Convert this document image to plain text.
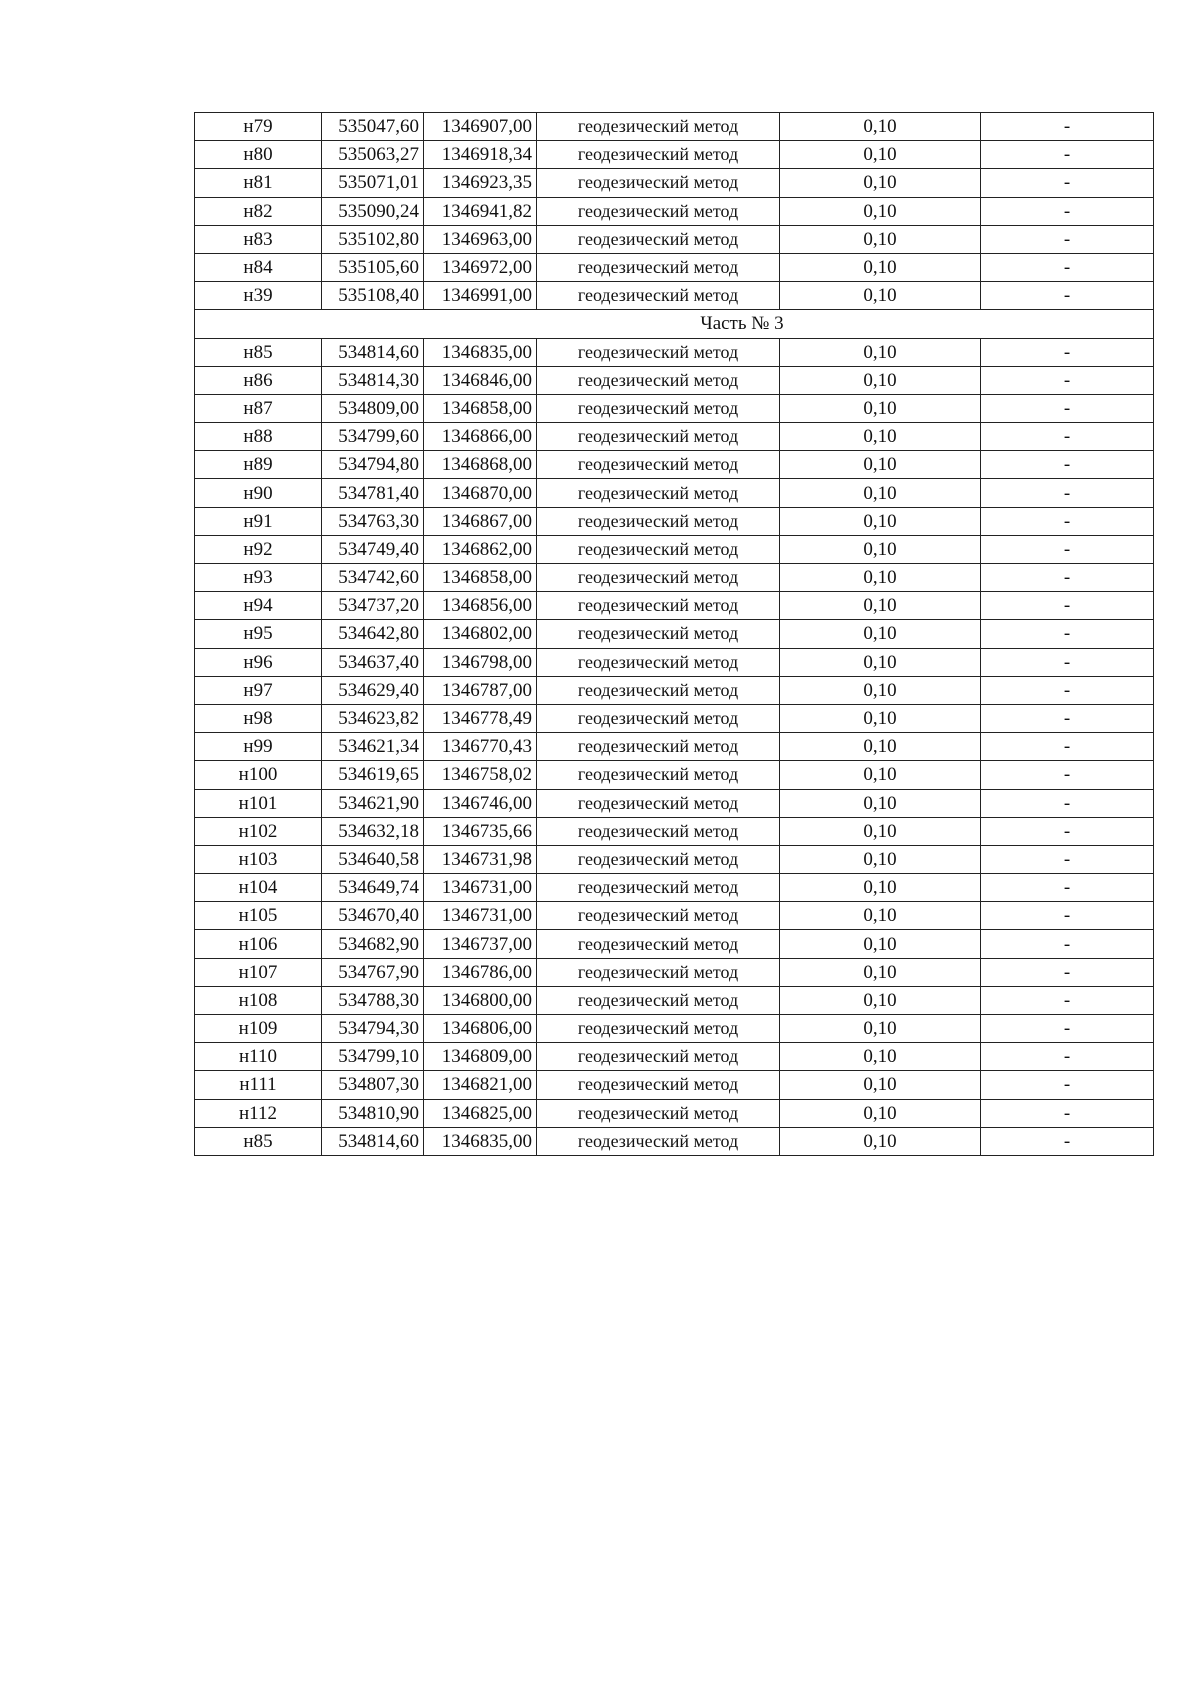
н79	535047,60	1346907,00	геодезический метод	0,10	-
н80	535063,27	1346918,34	геодезический метод	0,10	-
н81	535071,01	1346923,35	геодезический метод	0,10	-
н82	535090,24	1346941,82	геодезический метод	0,10	-
н83	535102,80	1346963,00	геодезический метод	0,10	-
н84	535105,60	1346972,00	геодезический метод	0,10	-
н39	535108,40	1346991,00	геодезический метод	0,10	-
Часть № 3					
н85	534814,60	1346835,00	геодезический метод	0,10	-
н86	534814,30	1346846,00	геодезический метод	0,10	-
н87	534809,00	1346858,00	геодезический метод	0,10	-
н88	534799,60	1346866,00	геодезический метод	0,10	-
н89	534794,80	1346868,00	геодезический метод	0,10	-
н90	534781,40	1346870,00	геодезический метод	0,10	-
н91	534763,30	1346867,00	геодезический метод	0,10	-
н92	534749,40	1346862,00	геодезический метод	0,10	-
н93	534742,60	1346858,00	геодезический метод	0,10	-
н94	534737,20	1346856,00	геодезический метод	0,10	-
н95	534642,80	1346802,00	геодезический метод	0,10	-
н96	534637,40	1346798,00	геодезический метод	0,10	-
н97	534629,40	1346787,00	геодезический метод	0,10	-
н98	534623,82	1346778,49	геодезический метод	0,10	-
н99	534621,34	1346770,43	геодезический метод	0,10	-
н100	534619,65	1346758,02	геодезический метод	0,10	-
н101	534621,90	1346746,00	геодезический метод	0,10	-
н102	534632,18	1346735,66	геодезический метод	0,10	-
н103	534640,58	1346731,98	геодезический метод	0,10	-
н104	534649,74	1346731,00	геодезический метод	0,10	-
н105	534670,40	1346731,00	геодезический метод	0,10	-
н106	534682,90	1346737,00	геодезический метод	0,10	-
н107	534767,90	1346786,00	геодезический метод	0,10	-
н108	534788,30	1346800,00	геодезический метод	0,10	-
н109	534794,30	1346806,00	геодезический метод	0,10	-
н110	534799,10	1346809,00	геодезический метод	0,10	-
н111	534807,30	1346821,00	геодезический метод	0,10	-
н112	534810,90	1346825,00	геодезический метод	0,10	-
н85	534814,60	1346835,00	геодезический метод	0,10	-
